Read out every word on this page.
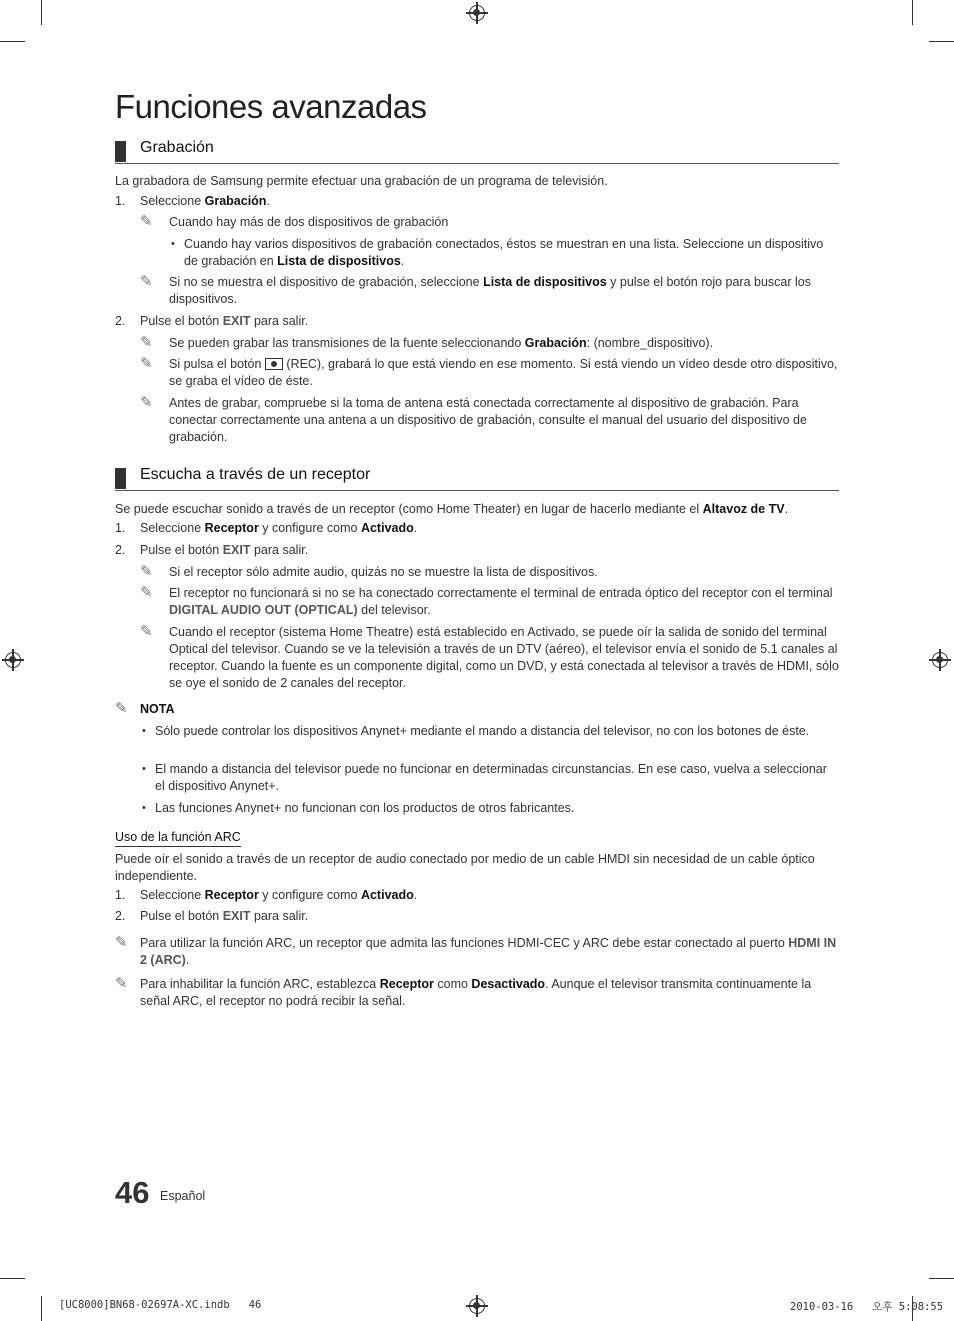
Funciones avanzadas
Grabación
La grabadora de Samsung permite efectuar una grabación de un programa de televisión.
1. Seleccione Grabación.
✎ Cuando hay más de dos dispositivos de grabación
• Cuando hay varios dispositivos de grabación conectados, éstos se muestran en una lista. Seleccione un dispositivo de grabación en Lista de dispositivos.
✎ Si no se muestra el dispositivo de grabación, seleccione Lista de dispositivos y pulse el botón rojo para buscar los dispositivos.
2. Pulse el botón EXIT para salir.
✎ Se pueden grabar las transmisiones de la fuente seleccionando Grabación: (nombre_dispositivo).
✎ Si pulsa el botón  (REC), grabará lo que está viendo en ese momento. Si está viendo un vídeo desde otro dispositivo, se graba el vídeo de éste.
✎ Antes de grabar, compruebe si la toma de antena está conectada correctamente al dispositivo de grabación. Para conectar correctamente una antena a un dispositivo de grabación, consulte el manual del usuario del dispositivo de grabación.
Escucha a través de un receptor
Se puede escuchar sonido a través de un receptor (como Home Theater) en lugar de hacerlo mediante el Altavoz de TV.
1. Seleccione Receptor y configure como Activado.
2. Pulse el botón EXIT para salir.
✎ Si el receptor sólo admite audio, quizás no se muestre la lista de dispositivos.
✎ El receptor no funcionará si no se ha conectado correctamente el terminal de entrada óptico del receptor con el terminal DIGITAL AUDIO OUT (OPTICAL) del televisor.
✎ Cuando el receptor (sistema Home Theatre) está establecido en Activado, se puede oír la salida de sonido del terminal Optical del televisor. Cuando se ve la televisión a través de un DTV (aéreo), el televisor envía el sonido de 5.1 canales al receptor. Cuando la fuente es un componente digital, como un DVD, y está conectada al televisor a través de HDMI, sólo se oye el sonido de 2 canales del receptor.
✎ NOTA
• Sólo puede controlar los dispositivos Anynet+ mediante el mando a distancia del televisor, no con los botones de éste.
• El mando a distancia del televisor puede no funcionar en determinadas circunstancias. En ese caso, vuelva a seleccionar el dispositivo Anynet+.
• Las funciones Anynet+ no funcionan con los productos de otros fabricantes.
Uso de la función ARC
Puede oír el sonido a través de un receptor de audio conectado por medio de un cable HMDI sin necesidad de un cable óptico independiente.
1. Seleccione Receptor y configure como Activado.
2. Pulse el botón EXIT para salir.
✎ Para utilizar la función ARC, un receptor que admita las funciones HDMI-CEC y ARC debe estar conectado al puerto HDMI IN 2 (ARC).
✎ Para inhabilitar la función ARC, establezca Receptor como Desactivado. Aunque el televisor transmita continuamente la señal ARC, el receptor no podrá recibir la señal.
46 Español
[UC8000]BN68-02697A-XC.indb   46	2010-03-16   오후 5:08:55
